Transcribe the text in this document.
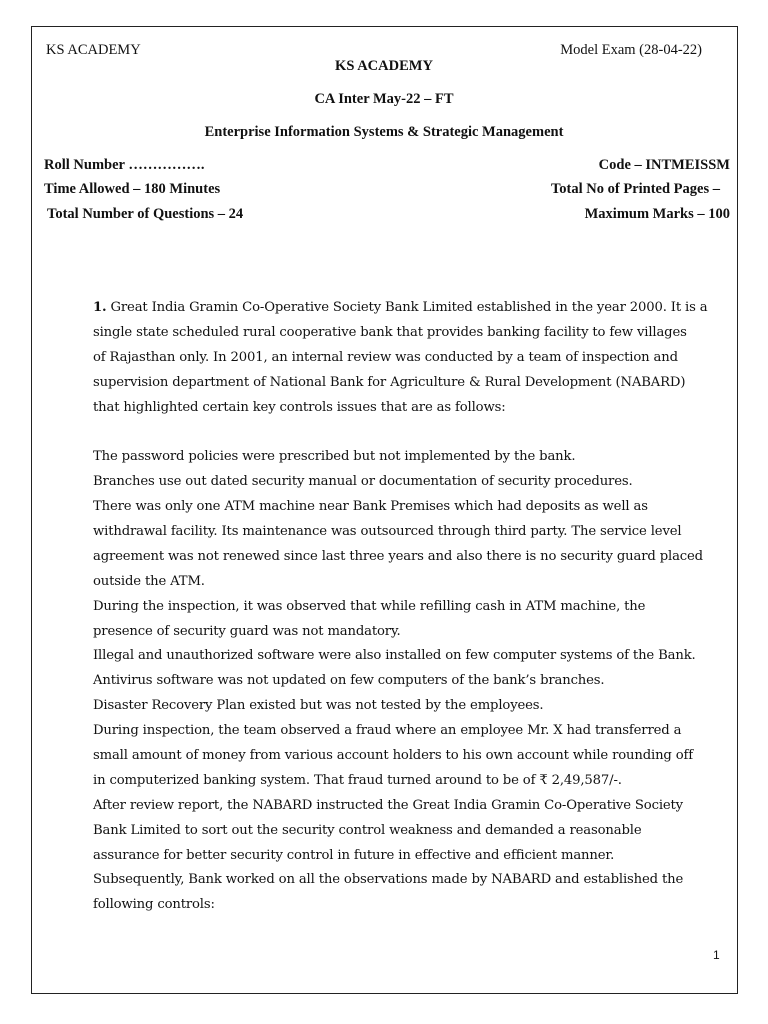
KS ACADEMY	Model Exam (28-04-22)
KS ACADEMY
CA Inter May-22 – FT
Enterprise Information Systems & Strategic Management
Roll Number …………….	Code – INTMEISSM
Time Allowed – 180 Minutes	Total No of Printed Pages –
Total Number of Questions – 24	Maximum Marks – 100
1. Great India Gramin Co-Operative Society Bank Limited established in the year 2000. It is a
single state scheduled rural cooperative bank that provides banking facility to few villages
of Rajasthan only. In 2001, an internal review was conducted by a team of inspection and
supervision department of National Bank for Agriculture & Rural Development (NABARD)
that highlighted certain key controls issues that are as follows:
The password policies were prescribed but not implemented by the bank.
Branches use out dated security manual or documentation of security procedures.
There was only one ATM machine near Bank Premises which had deposits as well as
withdrawal facility. Its maintenance was outsourced through third party. The service level
agreement was not renewed since last three years and also there is no security guard placed
outside the ATM.
During the inspection, it was observed that while refilling cash in ATM machine, the
presence of security guard was not mandatory.
Illegal and unauthorized software were also installed on few computer systems of the Bank.
Antivirus software was not updated on few computers of the bank’s branches.
Disaster Recovery Plan existed but was not tested by the employees.
During inspection, the team observed a fraud where an employee Mr. X had transferred a
small amount of money from various account holders to his own account while rounding off
in computerized banking system. That fraud turned around to be of ₹ 2,49,587/-.
After review report, the NABARD instructed the Great India Gramin Co-Operative Society
Bank Limited to sort out the security control weakness and demanded a reasonable
assurance for better security control in future in effective and efficient manner.
Subsequently, Bank worked on all the observations made by NABARD and established the
following controls:
1
